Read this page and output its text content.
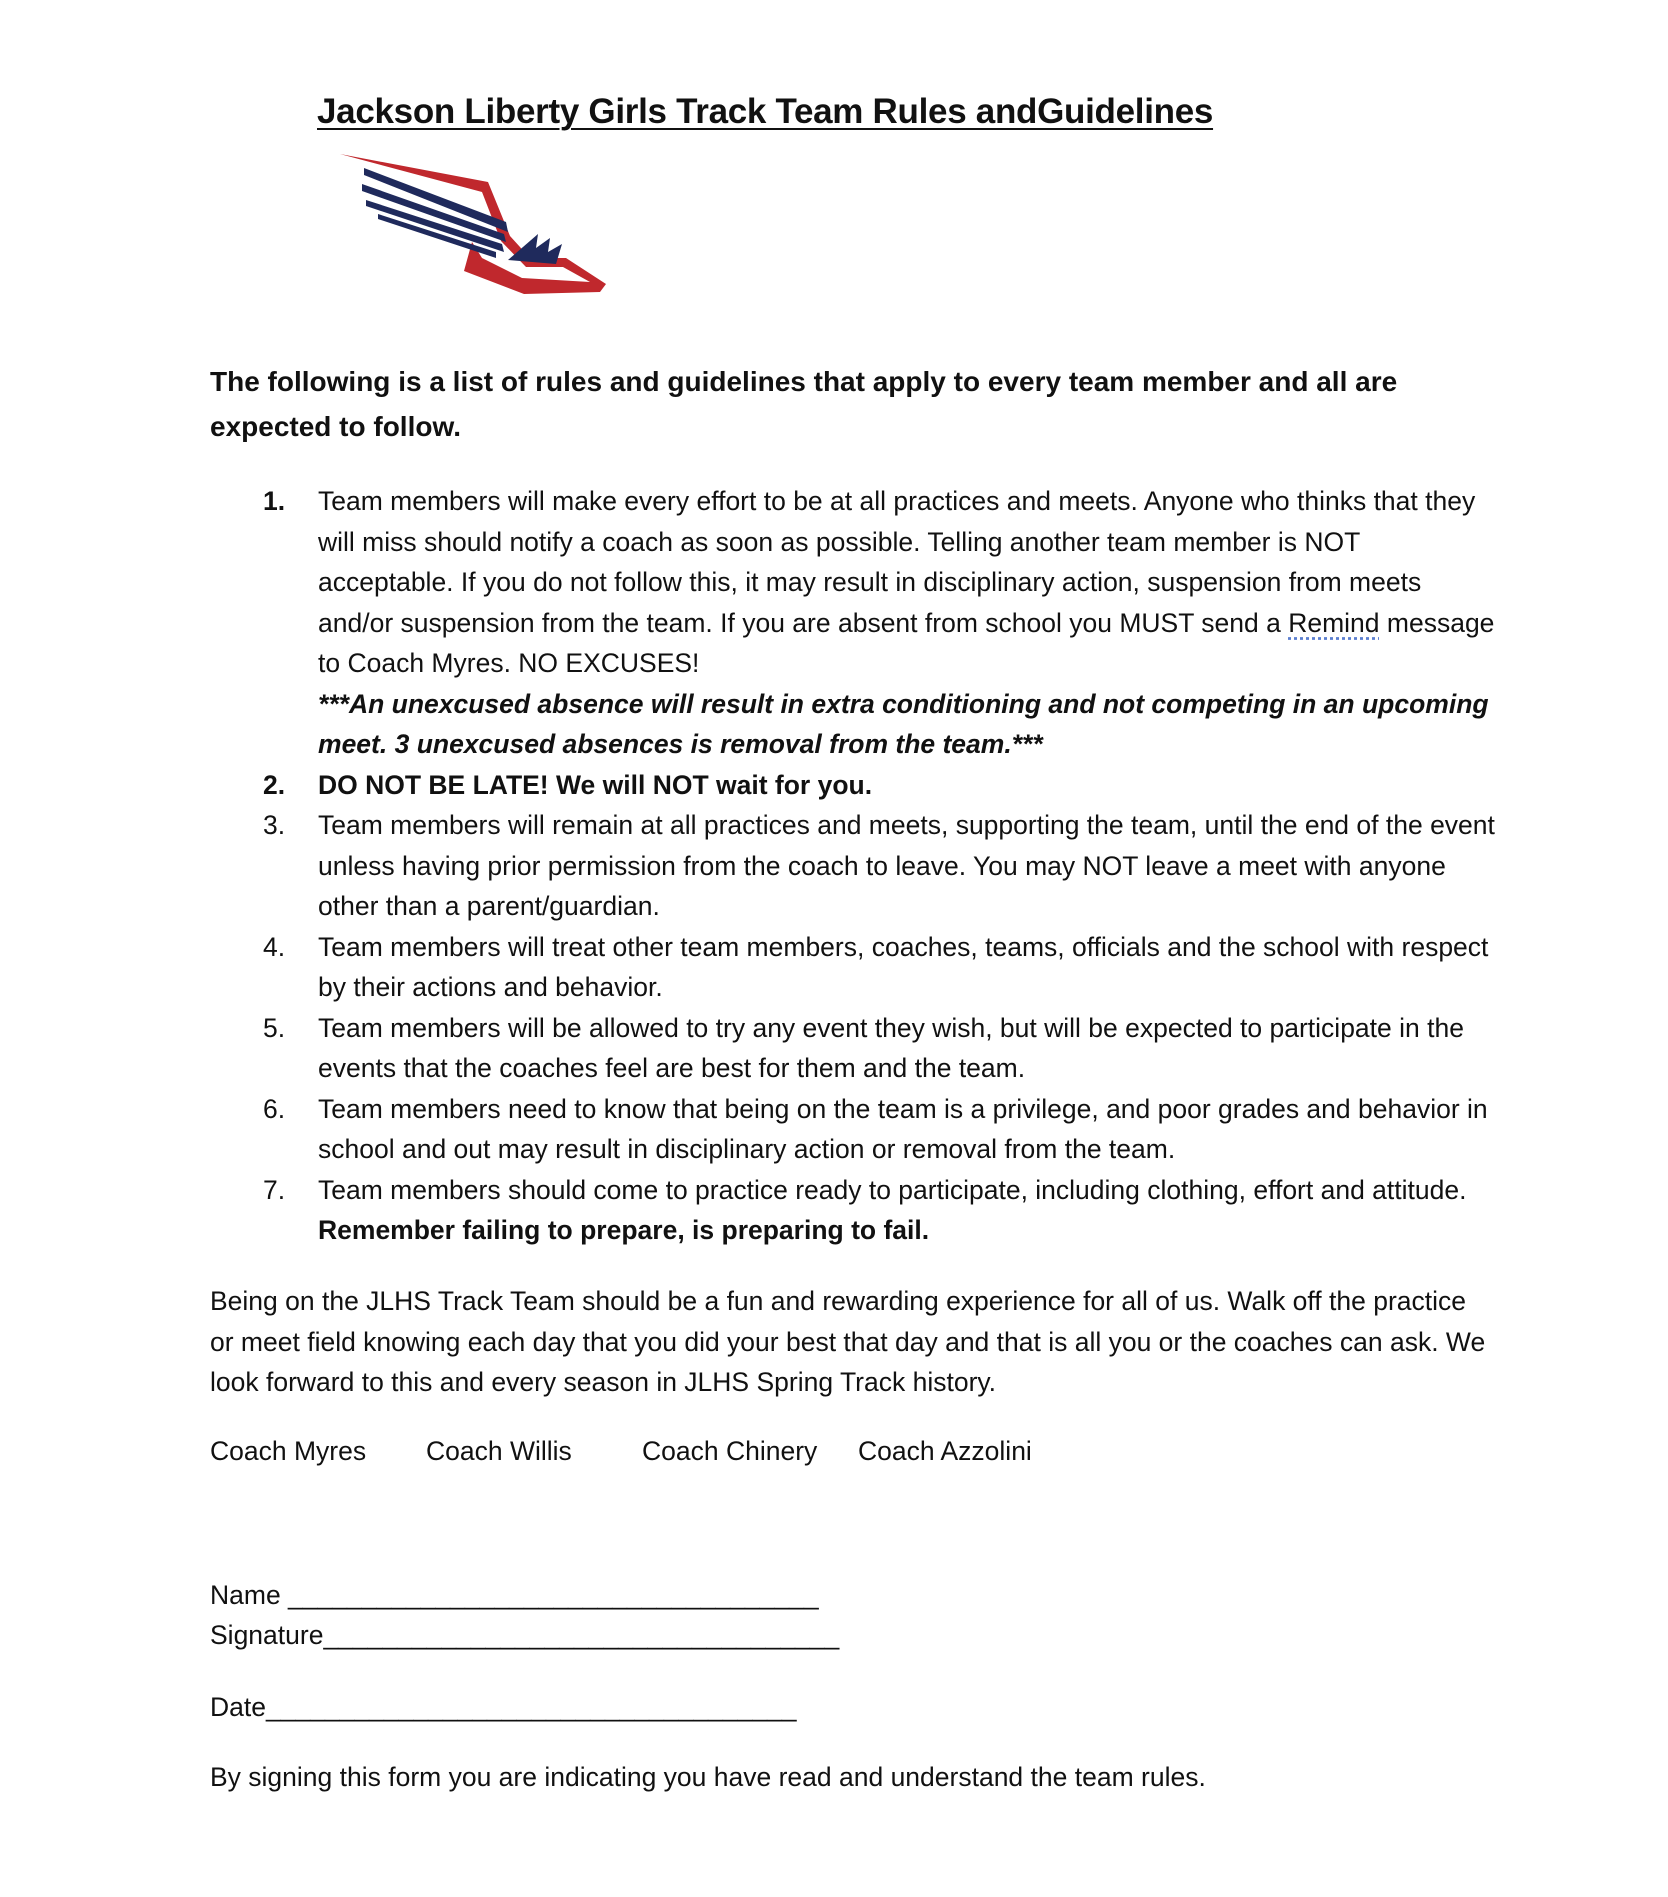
Jackson Liberty Girls Track Team Rules andGuidelines
The following is a list of rules and guidelines that apply to every team member and all are expected to follow.
1. Team members will make every effort to be at all practices and meets. Anyone who thinks that they will miss should notify a coach as soon as possible. Telling another team member is NOT acceptable. If you do not follow this, it may result in disciplinary action, suspension from meets and/or suspension from the team. If you are absent from school you MUST send a Remind message to Coach Myres. NO EXCUSES!
***An unexcused absence will result in extra conditioning and not competing in an upcoming meet. 3 unexcused absences is removal from the team.***
2. DO NOT BE LATE! We will NOT wait for you.
3. Team members will remain at all practices and meets, supporting the team, until the end of the event unless having prior permission from the coach to leave. You may NOT leave a meet with anyone other than a parent/guardian.
4. Team members will treat other team members, coaches, teams, officials and the school with respect by their actions and behavior.
5. Team members will be allowed to try any event they wish, but will be expected to participate in the events that the coaches feel are best for them and the team.
6. Team members need to know that being on the team is a privilege, and poor grades and behavior in school and out may result in disciplinary action or removal from the team.
7. Team members should come to practice ready to participate, including clothing, effort and attitude. Remember failing to prepare, is preparing to fail.
Being on the JLHS Track Team should be a fun and rewarding experience for all of us. Walk off the practice or meet field knowing each day that you did your best that day and that is all you or the coaches can ask. We look forward to this and every season in JLHS Spring Track history.
Coach Myres Coach Willis	Coach Chinery Coach Azzolini
Name ____________________________________
Signature___________________________________
Date____________________________________
By signing this form you are indicating you have read and understand the team rules.
